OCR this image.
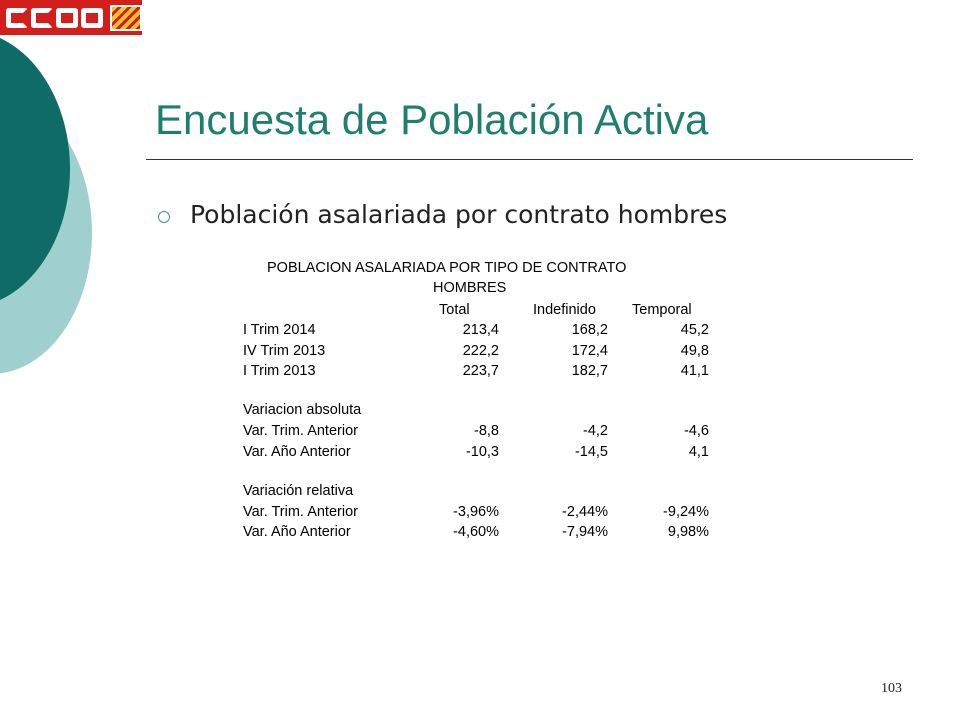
Encuesta de Población Activa
Población asalariada por contrato hombres
POBLACION ASALARIADA POR TIPO DE CONTRATO
HOMBRES
Total	Indefinido Temporal
I Trim 2014	213,4	168,2	45,2
IV Trim 2013	222,2	172,4	49,8
I Trim 2013	223,7	182,7	41,1
Variacion absoluta
Var. Trim. Anterior	-8,8	-4,2	-4,6
Var. Año Anterior	-10,3	-14,5	4,1
Variación relativa
Var. Trim. Anterior	-3,96%	-2,44%	-9,24%
Var. Año Anterior	-4,60%	-7,94%	9,98%
103
